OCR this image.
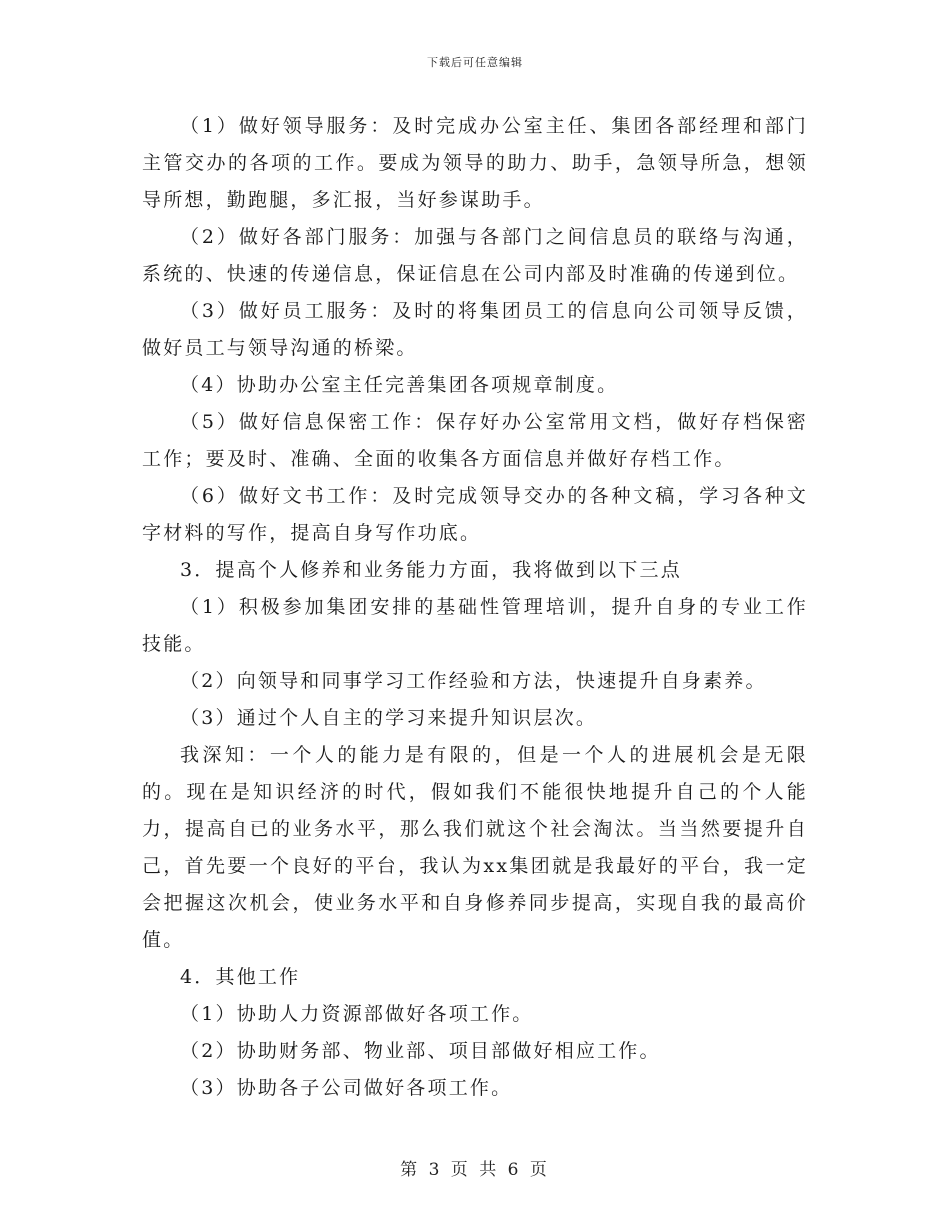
下载后可任意编辑

（1）做好领导服务：及时完成办公室主任、集团各部经理和部门主管交办的各项的工作。要成为领导的助力、助手，急领导所急，想领导所想，勤跑腿，多汇报，当好参谋助手。

（2）做好各部门服务：加强与各部门之间信息员的联络与沟通，系统的、快速的传递信息，保证信息在公司内部及时准确的传递到位。

（3）做好员工服务：及时的将集团员工的信息向公司领导反馈，做好员工与领导沟通的桥梁。

（4）协助办公室主任完善集团各项规章制度。

（5）做好信息保密工作：保存好办公室常用文档，做好存档保密工作；要及时、准确、全面的收集各方面信息并做好存档工作。

（6）做好文书工作：及时完成领导交办的各种文稿，学习各种文字材料的写作，提高自身写作功底。

3．提高个人修养和业务能力方面，我将做到以下三点

（1）积极参加集团安排的基础性管理培训，提升自身的专业工作技能。

（2）向领导和同事学习工作经验和方法，快速提升自身素养。

（3）通过个人自主的学习来提升知识层次。

我深知：一个人的能力是有限的，但是一个人的进展机会是无限的。现在是知识经济的时代，假如我们不能很快地提升自己的个人能力，提高自已的业务水平，那么我们就这个社会淘汰。当当然要提升自己，首先要一个良好的平台，我认为xx集团就是我最好的平台，我一定会把握这次机会，使业务水平和自身修养同步提高，实现自我的最高价值。

4．其他工作

（1）协助人力资源部做好各项工作。

（2）协助财务部、物业部、项目部做好相应工作。

（3）协助各子公司做好各项工作。

第 3 页 共 6 页
